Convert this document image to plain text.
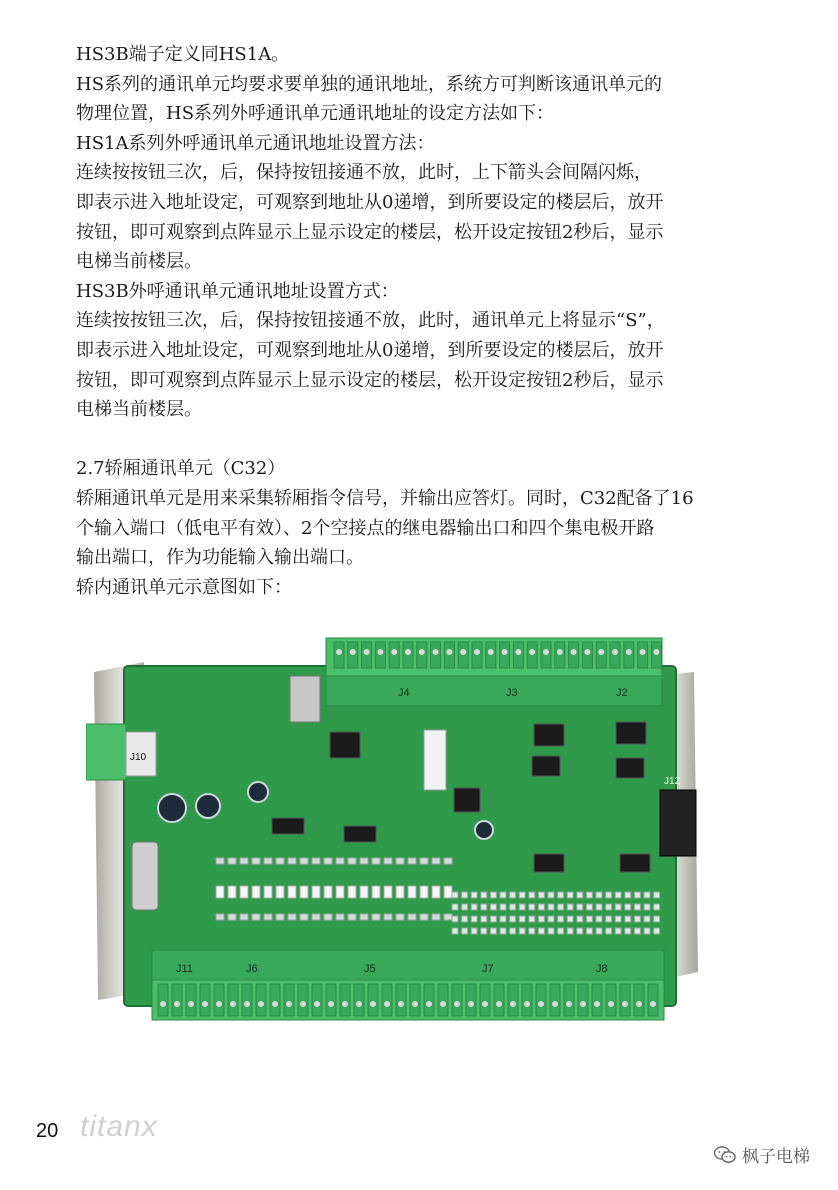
HS3B端子定义同HS1A。
HS系列的通讯单元均要求要单独的通讯地址，系统方可判断该通讯单元的
物理位置，HS系列外呼通讯单元通讯地址的设定方法如下：
HS1A系列外呼通讯单元通讯地址设置方法：
连续按按钮三次，后，保持按钮接通不放，此时，上下箭头会间隔闪烁，
即表示进入地址设定，可观察到地址从0递增，到所要设定的楼层后，放开
按钮，即可观察到点阵显示上显示设定的楼层，松开设定按钮2秒后，显示
电梯当前楼层。
HS3B外呼通讯单元通讯地址设置方式：
连续按按钮三次，后，保持按钮接通不放，此时，通讯单元上将显示“S”，
即表示进入地址设定，可观察到地址从0递增，到所要设定的楼层后，放开
按钮，即可观察到点阵显示上显示设定的楼层，松开设定按钮2秒后，显示
电梯当前楼层。
2.7轿厢通讯单元（C32）
轿厢通讯单元是用来采集轿厢指令信号，并输出应答灯。同时，C32配备了16
个输入端口（低电平有效）、2个空接点的继电器输出口和四个集电极开路
输出端口，作为功能输入输出端口。
轿内通讯单元示意图如下：
J4	J3	J2
J10
J12
J11	J6	J5	J7	J8
20 titanx
枫子电梯
